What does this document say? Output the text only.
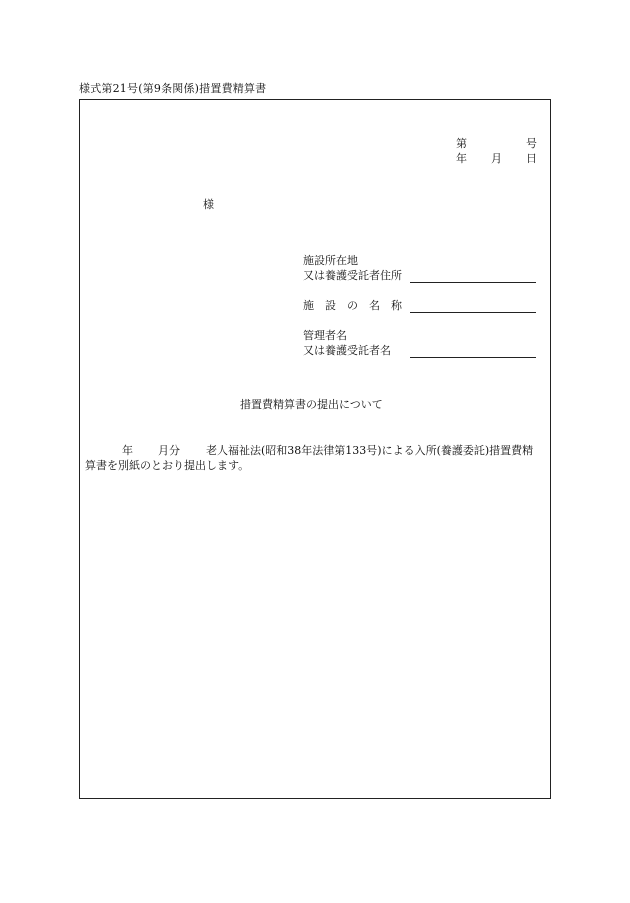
様式第21号(第9条関係)措置費精算書
第	号
年 月 日
様
施設所在地
又は養護受託者住所
施　設　の　名　称
管理者名
又は養護受託者名
措置費精算書の提出について
年 月分 老人福祉法(昭和38年法律第133号)による入所(養護委託)措置費精
算書を別紙のとおり提出します。
